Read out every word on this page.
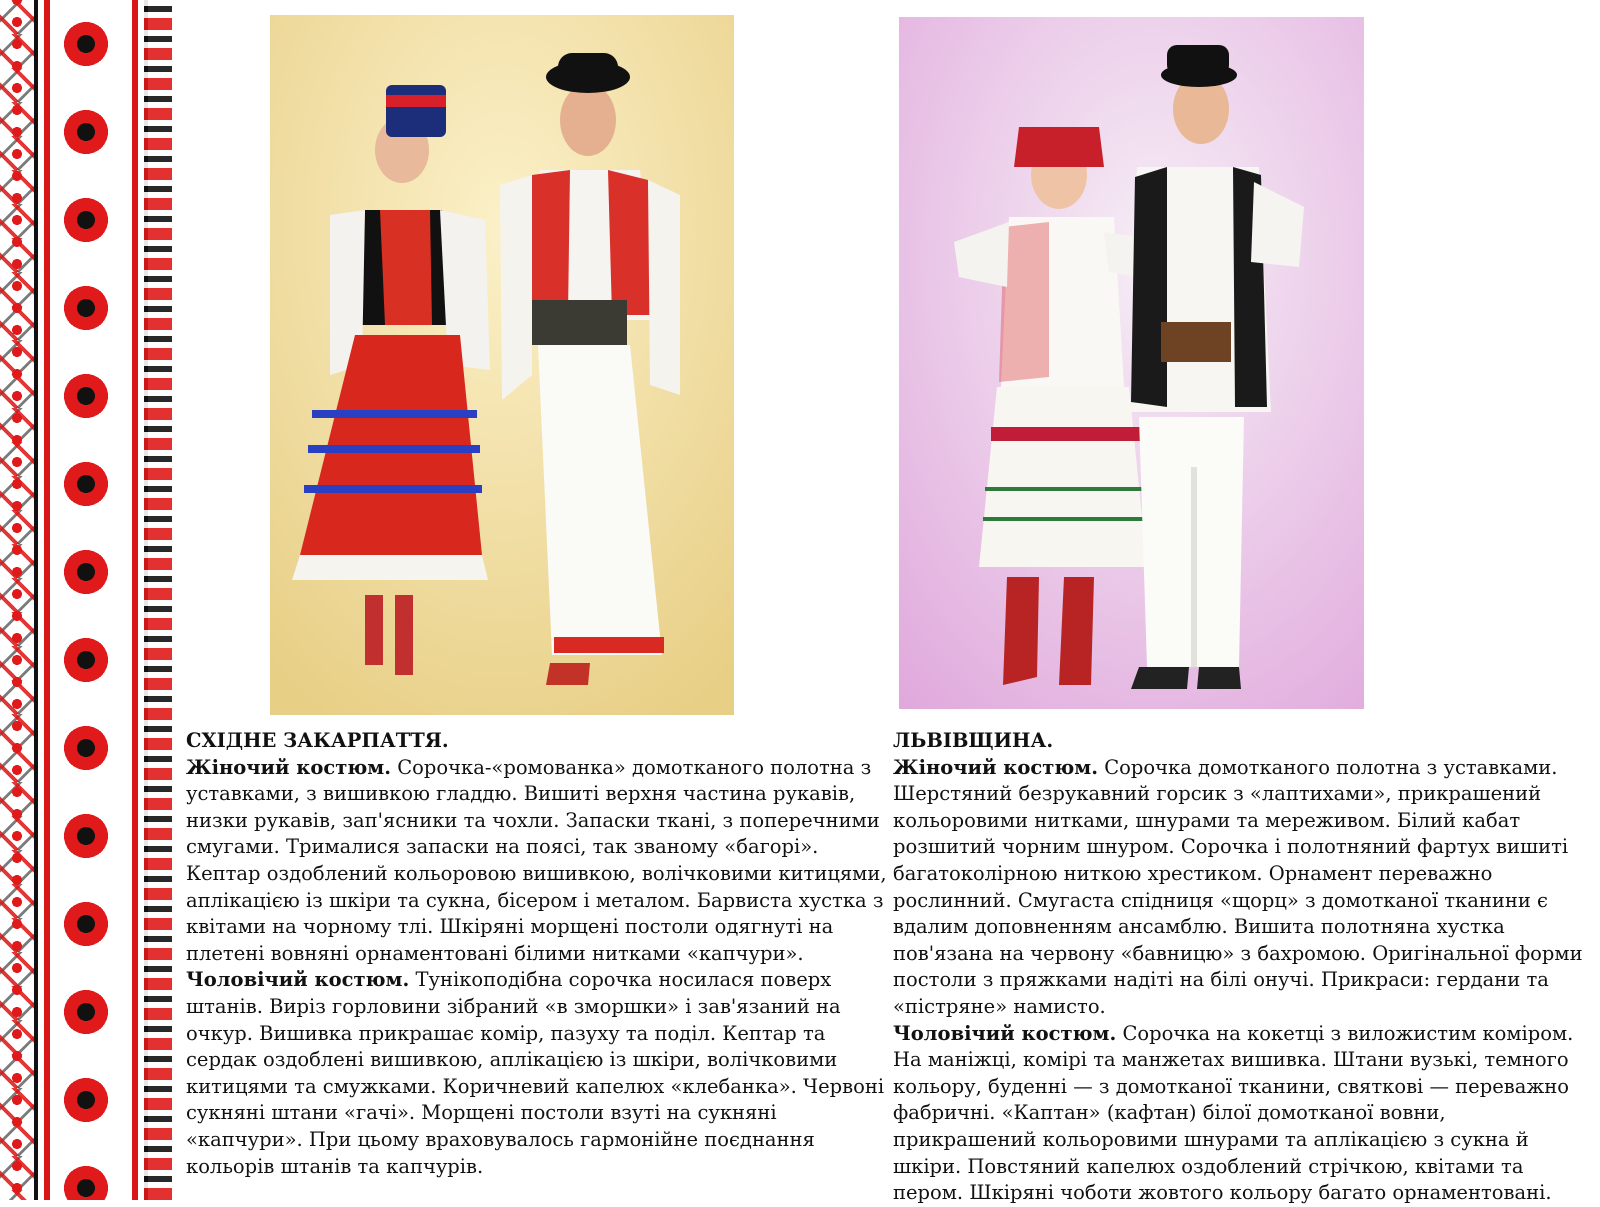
СХІДНЕ ЗАКАРПАТТЯ.

Жіночий костюм. Сорочка-«ромованка» домотканого полотна з уставками, з вишивкою гладдю. Вишиті верхня частина рукавів, низки рукавів, зап'ясники та чохли. Запаски ткані, з поперечними смугами. Трималися запаски на поясі, так званому «багорі». Кептар оздоблений кольоровою вишивкою, волічковими китицями, аплікацією із шкіри та сукна, бісером і металом. Барвиста хустка з квітами на чорному тлі. Шкіряні морщені постоли одягнуті на плетені вовняні орнаментовані білими нитками «капчури».

Чоловічий костюм. Тунікоподібна сорочка носилася поверх штанів. Виріз горловини зібраний «в зморшки» і зав'язаний на очкур. Вишивка прикрашає комір, пазуху та поділ. Кептар та сердак оздоблені вишивкою, аплікацією із шкіри, волічковими китицями та смужками. Коричневий капелюх «клебанка». Червоні сукняні штани «гачі». Морщені постоли взуті на сукняні «капчури». При цьому враховувалось гармонійне поєднання кольорів штанів та капчурів.

ЛЬВІВЩИНА.

Жіночий костюм. Сорочка домотканого полотна з уставками. Шерстяний безрукавний горсик з «лаптихами», прикрашений кольоровими нитками, шнурами та мереживом. Білий кабат розшитий чорним шнуром. Сорочка і полотняний фартух вишиті багатоколірною ниткою хрестиком. Орнамент переважно рослинний. Смугаста спідниця «щорц» з домотканої тканини є вдалим доповненням ансамблю. Вишита полотняна хустка пов'язана на червону «бавницю» з бахромою. Оригінальної форми постоли з пряжками надіті на білі онучі. Прикраси: гердани та «пістряне» намисто.

Чоловічий костюм. Сорочка на кокетці з виложистим коміром. На маніжці, комірі та манжетах вишивка. Штани вузькі, темного кольору, буденні — з домотканої тканини, святкові — переважно фабричні. «Каптан» (кафтан) білої домотканої вовни, прикрашений кольоровими шнурами та аплікацією з сукна й шкіри. Повстяний капелюх оздоблений стрічкою, квітами та пером. Шкіряні чоботи жовтого кольору багато орнаментовані.
